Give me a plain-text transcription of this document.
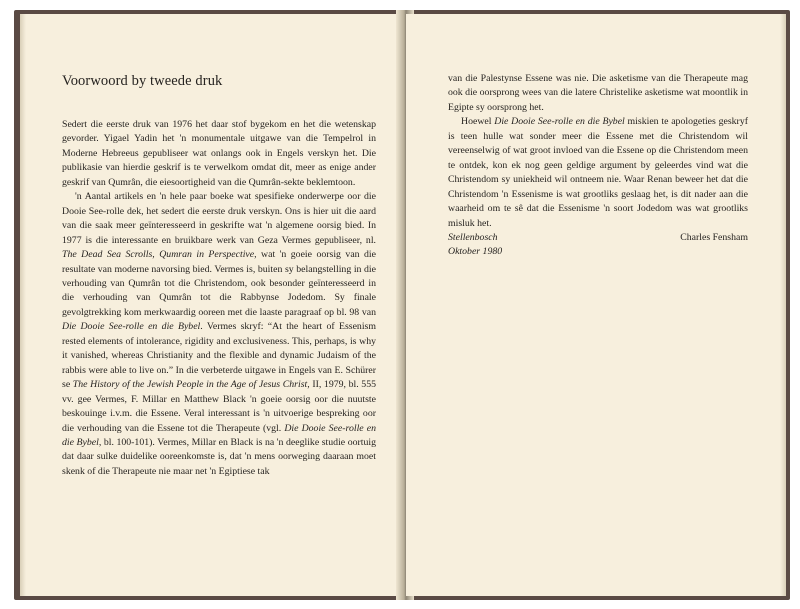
Voorwoord by tweede druk

Sedert die eerste druk van 1976 het daar stof bygekom en het die wetenskap gevorder. Yigael Yadin het 'n monumentale uitgawe van die Tempelrol in Moderne Hebreeus gepubliseer wat onlangs ook in Engels verskyn het. Die publikasie van hierdie geskrif is te verwelkom omdat dit, meer as enige ander geskrif van Qumrân, die eiesoortigheid van die Qumrân-sekte beklemtoon.

'n Aantal artikels en 'n hele paar boeke wat spesifieke onderwerpe oor die Dooie See-rolle dek, het sedert die eerste druk verskyn. Ons is hier uit die aard van die saak meer geïnteresseerd in geskrifte wat 'n algemene oorsig bied. In 1977 is die interessante en bruikbare werk van Geza Vermes gepubliseer, nl. The Dead Sea Scrolls, Qumran in Perspective, wat 'n goeie oorsig van die resultate van moderne navorsing bied. Vermes is, buiten sy belangstelling in die verhouding van Qumrân tot die Christendom, ook besonder geïnteresseerd in die verhouding van Qumrân tot die Rabbynse Jodedom. Sy finale gevolgtrekking kom merkwaardig ooreen met die laaste paragraaf op bl. 98 van Die Dooie See-rolle en die Bybel. Vermes skryf: “At the heart of Essenism rested elements of intolerance, rigidity and exclusiveness. This, perhaps, is why it vanished, whereas Christianity and the flexible and dynamic Judaism of the rabbis were able to live on.” In die verbeterde uitgawe in Engels van E. Schürer se The History of the Jewish People in the Age of Jesus Christ, II, 1979, bl. 555 vv. gee Vermes, F. Millar en Matthew Black 'n goeie oorsig oor die nuutste beskouinge i.v.m. die Essene. Veral interessant is 'n uitvoerige bespreking oor die verhouding van die Essene tot die Therapeute (vgl. Die Dooie See-rolle en die Bybel, bl. 100-101). Vermes, Millar en Black is na 'n deeglike studie oortuig dat daar sulke duidelike ooreenkomste is, dat 'n mens oorweging daaraan moet skenk of die Therapeute nie maar net 'n Egiptiese tak

van die Palestynse Essene was nie. Die asketisme van die Therapeute mag ook die oorsprong wees van die latere Christelike asketisme wat moontlik in Egipte sy oorsprong het.

Hoewel Die Dooie See-rolle en die Bybel miskien te apologeties geskryf is teen hulle wat sonder meer die Essene met die Christendom wil vereenselwig of wat groot invloed van die Essene op die Christendom meen te ontdek, kon ek nog geen geldige argument by geleerdes vind wat die Christendom sy uniekheid wil ontneem nie. Waar Renan beweer het dat die Christendom 'n Essenisme is wat grootliks geslaag het, is dit nader aan die waarheid om te sê dat die Essenisme 'n soort Jodedom was wat grootliks misluk het.

Stellenbosch	Charles Fensham

Oktober 1980
